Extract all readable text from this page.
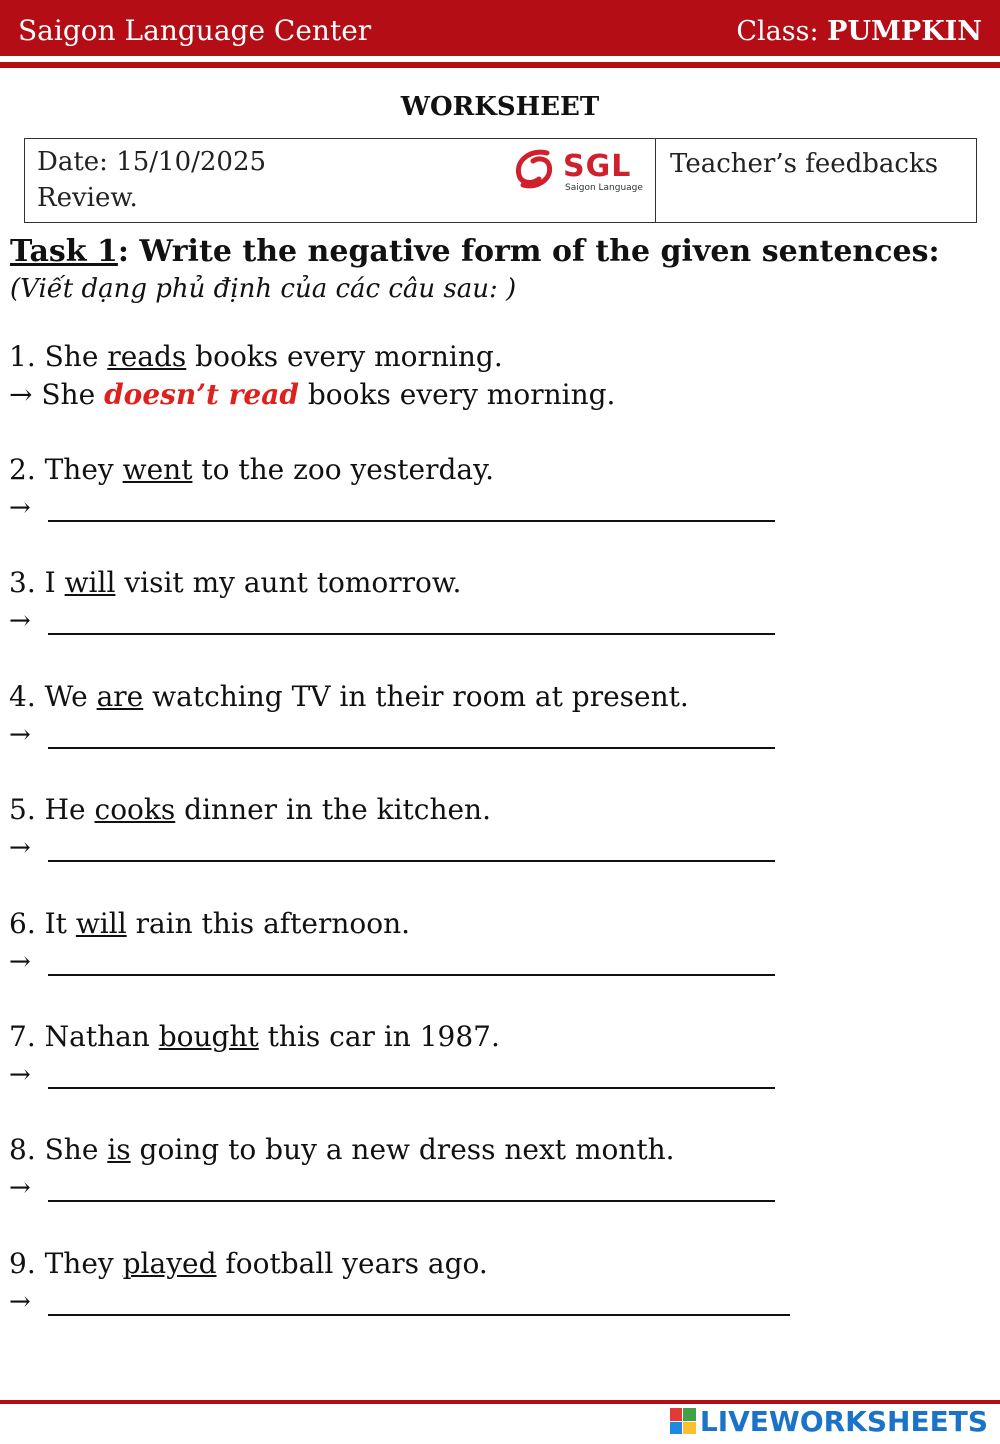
Saigon Language Center	Class: PUMPKIN
WORKSHEET
Date: 15/10/2025
Review.
SGL
Saigon Language
Teacher’s feedbacks
Task 1: Write the negative form of the given sentences:
(Viết dạng phủ định của các câu sau: )
1. She reads books every morning.
→ She doesn’t read books every morning.
2. They went to the zoo yesterday.
→
3. I will visit my aunt tomorrow.
→
4. We are watching TV in their room at present.
→
5. He cooks dinner in the kitchen.
→
6. It will rain this afternoon.
→
7. Nathan bought this car in 1987.
→
8. She is going to buy a new dress next month.
→
9. They played football years ago.
→
LIVEWORKSHEETS
